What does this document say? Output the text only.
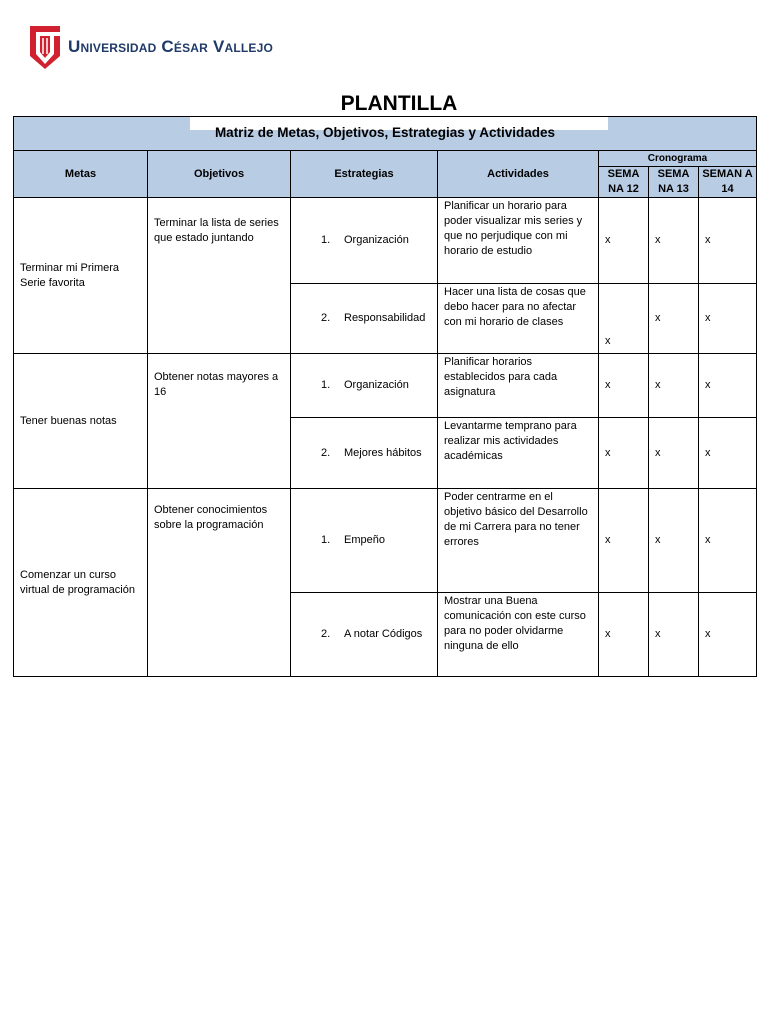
Universidad César Vallejo
PLANTILLA
Matriz de Metas, Objetivos, Estrategias y Actividades						

Metas	Objetivos	Estrategias	Actividades	Cronograma		
				SEMA NA 12	SEMA NA 13	SEMAN A 14
Terminar mi Primera Serie favorita	Terminar la lista de series que estado juntando	1. Organización	Planificar un horario para poder visualizar mis series y que no perjudique con mi horario de estudio	x	x	x
		2. Responsabilidad	Hacer una lista de cosas que debo hacer para no afectar con mi horario de clases	x	x	x
Tener buenas notas	Obtener notas mayores a 16	1. Organización	Planificar horarios establecidos para cada asignatura	x	x	x
		2. Mejores hábitos	Levantarme temprano para realizar mis actividades académicas	x	x	x
Comenzar un curso virtual de programación	Obtener conocimientos sobre la programación	1. Empeño	Poder centrarme en el objetivo básico del Desarrollo de mi Carrera para no tener errores	x	x	x
		2. A notar Códigos	Mostrar una Buena comunicación con este curso para no poder olvidarme ninguna de ello	x	x	x
